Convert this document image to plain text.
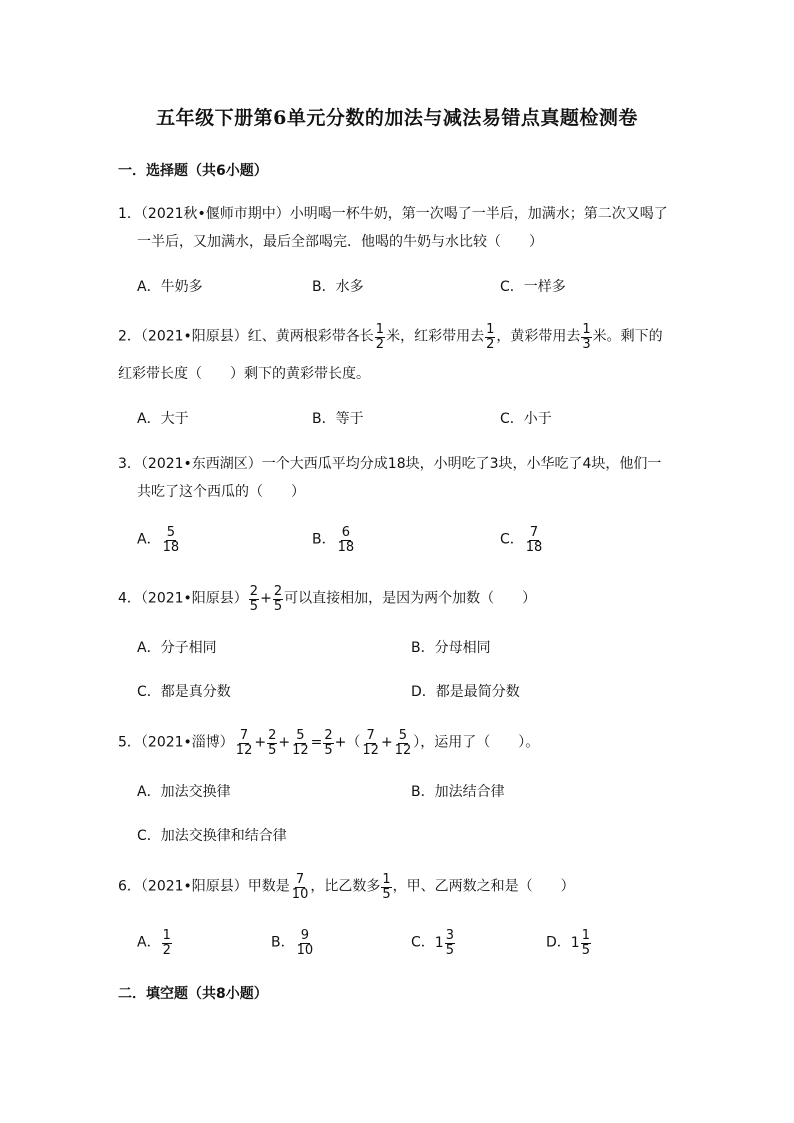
五年级下册第6单元分数的加法与减法易错点真题检测卷
一．选择题（共6小题）
1．（2021秋•偃师市期中）小明喝一杯牛奶，第一次喝了一半后，加满水；第二次又喝了
一半后，又加满水，最后全部喝完．他喝的牛奶与水比较（　　）
A．牛奶多	B．水多	C．一样多
2．（2021•阳原县）红、黄两根彩带各长 $\frac{1}{2}$ 米，红彩带用去 $\frac{1}{2}$ ，黄彩带用去 $\frac{1}{3}$ 米。剩下的
红彩带长度（　　）剩下的黄彩带长度。
A．大于	B．等于	C．小于
3．（2021•东西湖区）一个大西瓜平均分成18块，小明吃了3块，小华吃了4块，他们一
共吃了这个西瓜的（　　）
A． $\frac{5}{18}$	B． $\frac{6}{18}$	C． $\frac{7}{18}$
4．（2021•阳原县） $\frac{2}{5} + \frac{2}{5}$ 可以直接相加，是因为两个加数（　　）
A．分子相同	B．分母相同
C．都是真分数	D．都是最简分数
5．（2021•淄博） $\frac{7}{12} + \frac{2}{5} + \frac{5}{12} = \frac{2}{5}$ +（ $\frac{7}{12} + \frac{5}{12}$ ），运用了（　　）。
A．加法交换律	B．加法结合律
C．加法交换律和结合律
6．（2021•阳原县）甲数是 $\frac{7}{10}$ ，比乙数多 $\frac{1}{5}$ ，甲、乙两数之和是（　　）
A． $\frac{1}{2}$	B． $\frac{9}{10}$	C． $1 \frac{3}{5}$	D． $1 \frac{1}{5}$
二．填空题（共8小题）
